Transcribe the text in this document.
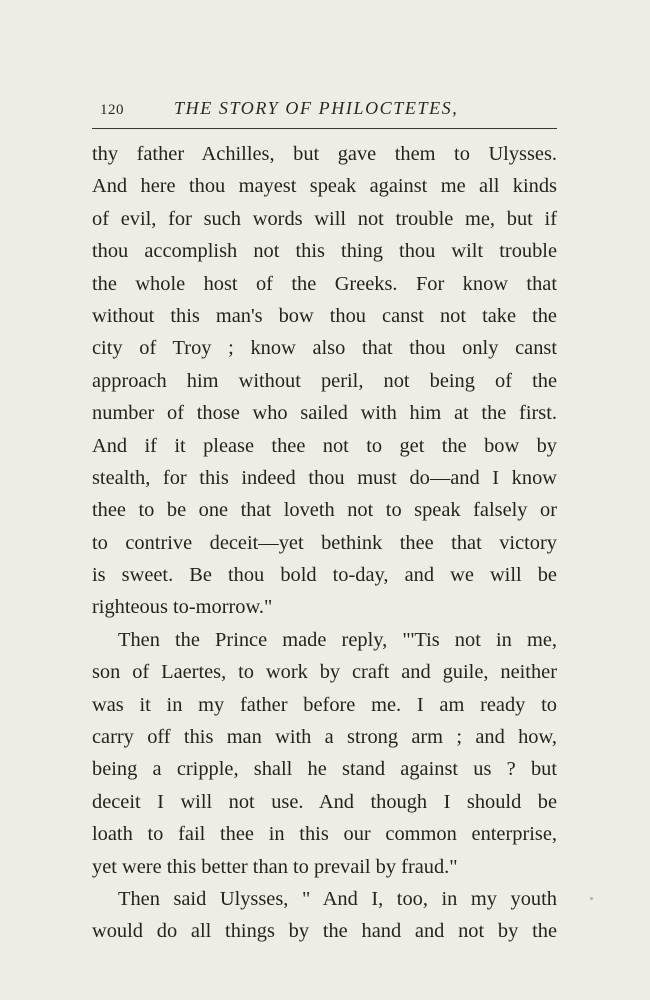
120	THE STORY OF PHILOCTETES,
thy father Achilles, but gave them to Ulysses.
And here thou mayest speak against me all kinds
of evil, for such words will not trouble me, but if
thou accomplish not this thing thou wilt trouble
the whole host of the Greeks. For know that
without this man's bow thou canst not take the
city of Troy ; know also that thou only canst
approach him without peril, not being of the
number of those who sailed with him at the first.
And if it please thee not to get the bow by
stealth, for this indeed thou must do—and I know
thee to be one that loveth not to speak falsely or
to contrive deceit—yet bethink thee that victory
is sweet. Be thou bold to-day, and we will be
righteous to-morrow."
Then the Prince made reply, "'Tis not in me,
son of Laertes, to work by craft and guile, neither
was it in my father before me. I am ready to
carry off this man with a strong arm ; and how,
being a cripple, shall he stand against us ? but
deceit I will not use. And though I should be
loath to fail thee in this our common enterprise,
yet were this better than to prevail by fraud."
Then said Ulysses, " And I, too, in my youth
would do all things by the hand and not by the
